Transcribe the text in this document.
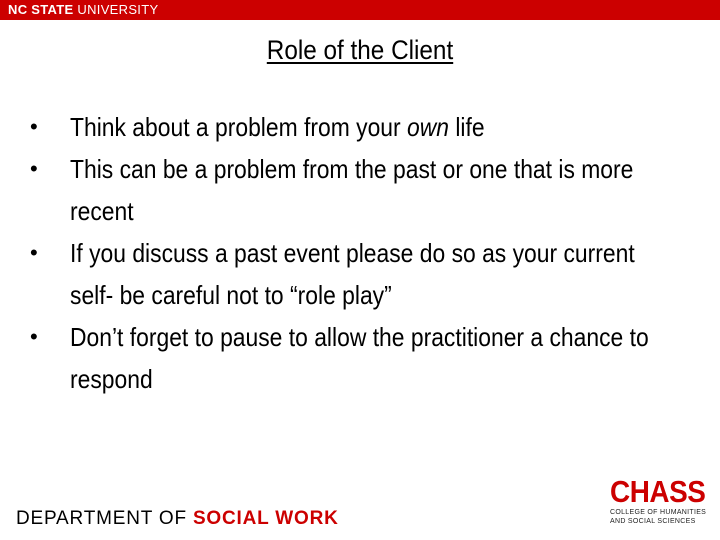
NC STATE UNIVERSITY
Role of the Client
• Think about a problem from your own life
• This can be a problem from the past or one that is more recent
• If you discuss a past event please do so as your current self- be careful not to “role play”
• Don’t forget to pause to allow the practitioner a chance to respond
DEPARTMENT OF SOCIAL WORK
CHASS
COLLEGE OF HUMANITIES
AND SOCIAL SCIENCES
